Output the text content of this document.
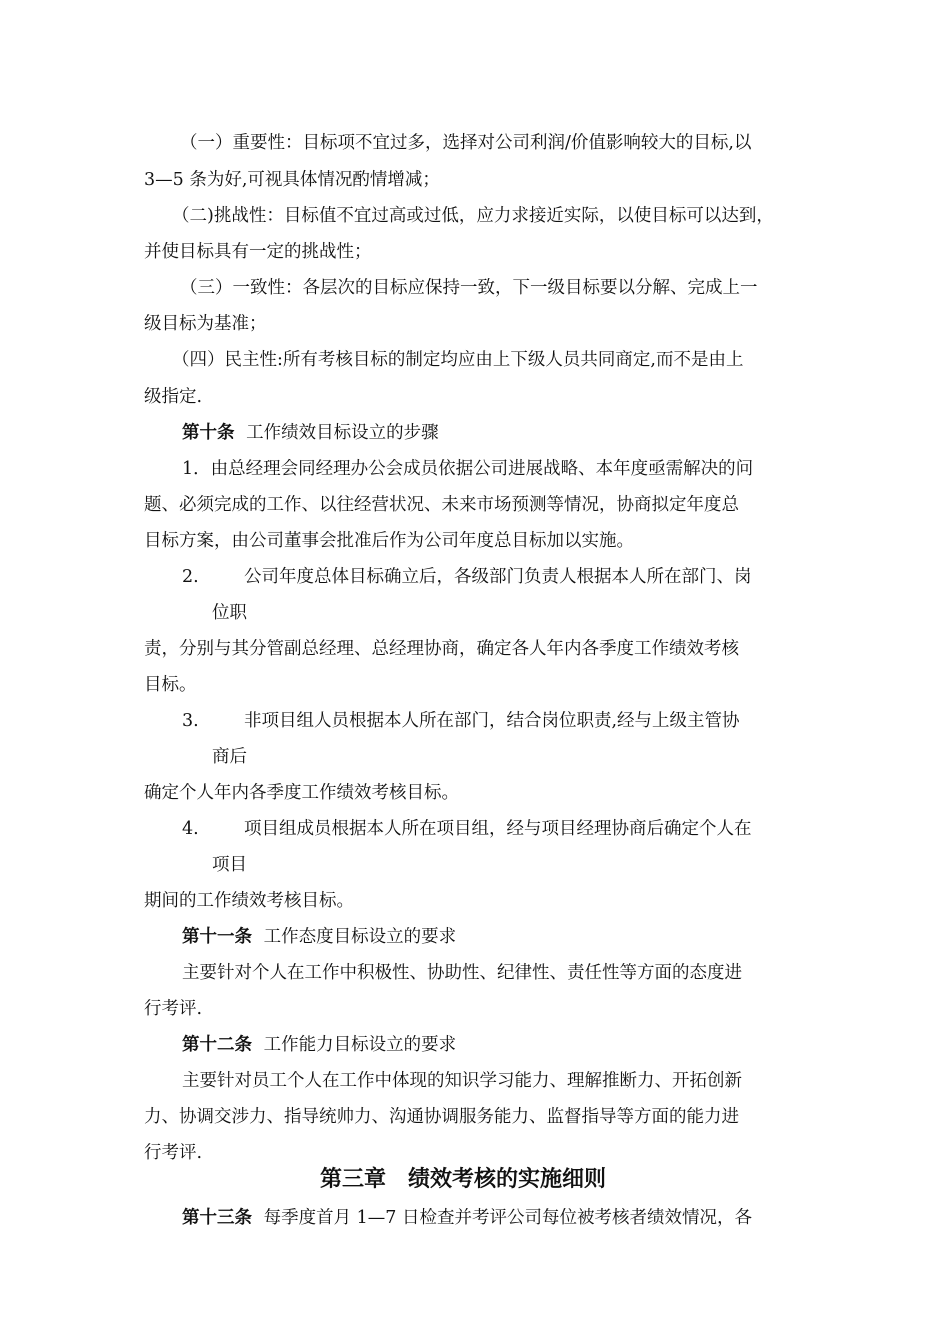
（一）重要性：目标项不宜过多，选择对公司利润/价值影响较大的目标,以
3—5 条为好,可视具体情况酌情增减；
（二)挑战性：目标值不宜过高或过低，应力求接近实际，以使目标可以达到，
并使目标具有一定的挑战性；
（三）一致性：各层次的目标应保持一致，下一级目标要以分解、完成上一
级目标为基准；
（四）民主性:所有考核目标的制定均应由上下级人员共同商定,而不是由上
级指定.
第十条 工作绩效目标设立的步骤
1．由总经理会同经理办公会成员依据公司进展战略、本年度亟需解决的问
题、必须完成的工作、以往经营状况、未来市场预测等情况，协商拟定年度总
目标方案，由公司董事会批准后作为公司年度总目标加以实施。
2.	公司年度总体目标确立后，各级部门负责人根据本人所在部门、岗
位职
责，分别与其分管副总经理、总经理协商，确定各人年内各季度工作绩效考核
目标。
3.	非项目组人员根据本人所在部门，结合岗位职责,经与上级主管协
商后
确定个人年内各季度工作绩效考核目标。
4.	项目组成员根据本人所在项目组，经与项目经理协商后确定个人在
项目
期间的工作绩效考核目标。
第十一条 工作态度目标设立的要求
主要针对个人在工作中积极性、协助性、纪律性、责任性等方面的态度进
行考评.
第十二条 工作能力目标设立的要求
主要针对员工个人在工作中体现的知识学习能力、理解推断力、开拓创新
力、协调交涉力、指导统帅力、沟通协调服务能力、监督指导等方面的能力进
行考评.
第三章　绩效考核的实施细则
第十三条 每季度首月 1—7 日检查并考评公司每位被考核者绩效情况，各
